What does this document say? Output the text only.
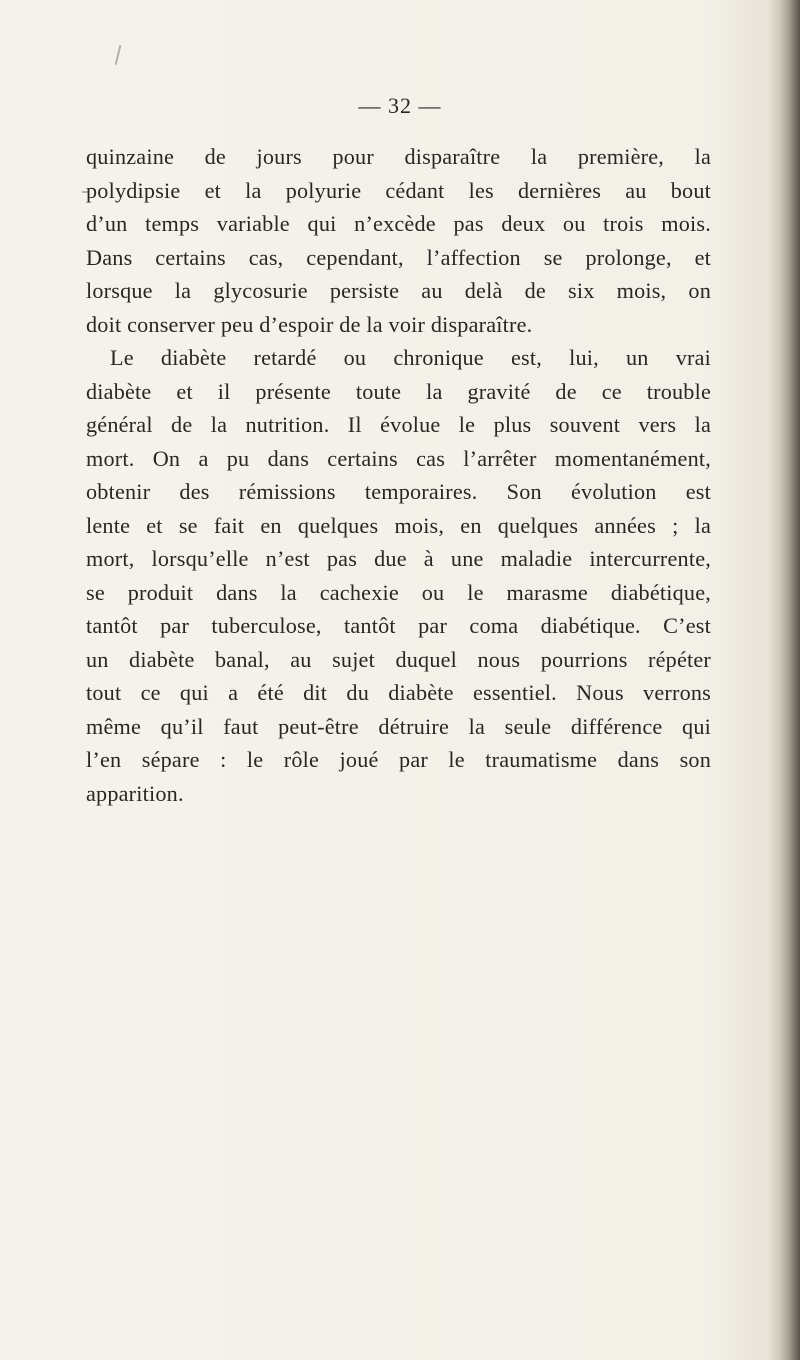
— 32 —
quinzaine de jours pour disparaître la première, la
polydipsie et la polyurie cédant les dernières au bout
d’un temps variable qui n’excède pas deux ou trois mois.
Dans certains cas, cependant, l’affection se prolonge, et
lorsque la glycosurie persiste au delà de six mois, on
doit conserver peu d’espoir de la voir disparaître.
Le diabète retardé ou chronique est, lui, un vrai
diabète et il présente toute la gravité de ce trouble
général de la nutrition. Il évolue le plus souvent vers la
mort. On a pu dans certains cas l’arrêter momentanément,
obtenir des rémissions temporaires. Son évolution est
lente et se fait en quelques mois, en quelques années ; la
mort, lorsqu’elle n’est pas due à une maladie intercurrente,
se produit dans la cachexie ou le marasme diabétique,
tantôt par tuberculose, tantôt par coma diabétique. C’est
un diabète banal, au sujet duquel nous pourrions répéter
tout ce qui a été dit du diabète essentiel. Nous verrons
même qu’il faut peut-être détruire la seule différence qui
l’en sépare : le rôle joué par le traumatisme dans son
apparition.
